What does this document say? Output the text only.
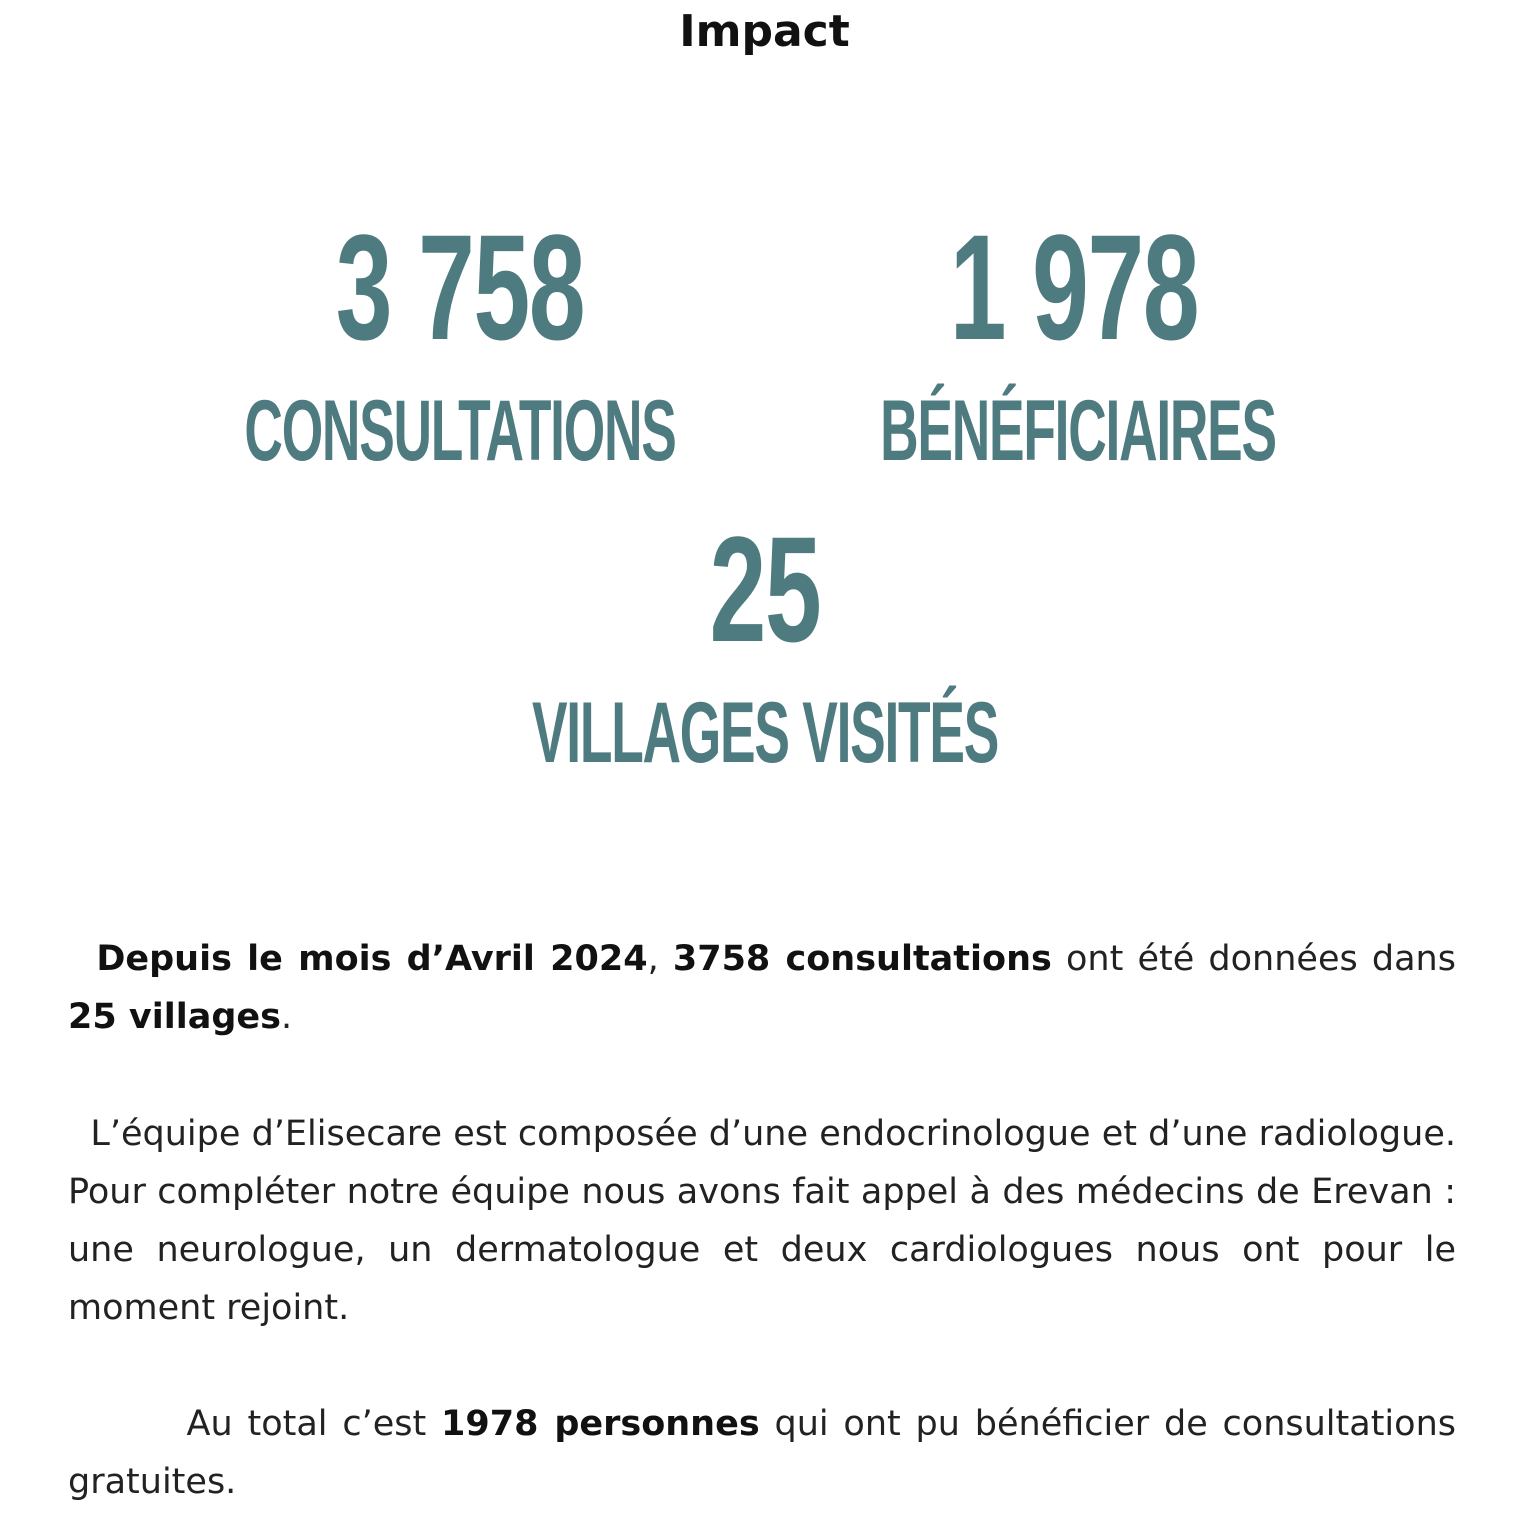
Impact
3 758
CONSULTATIONS
1 978
BÉNÉFICIAIRES
25
VILLAGES VISITÉS

Depuis le mois d’Avril 2024, 3758 consultations ont été données dans 25 villages.

L’équipe d’Elisecare est composée d’une endocrinologue et d’une radiologue. Pour compléter notre équipe nous avons fait appel à des médecins de Erevan : une neurologue, un dermatologue et deux cardiologues nous ont pour le moment rejoint.

Au total c’est 1978 personnes qui ont pu bénéficier de consultations gratuites.
